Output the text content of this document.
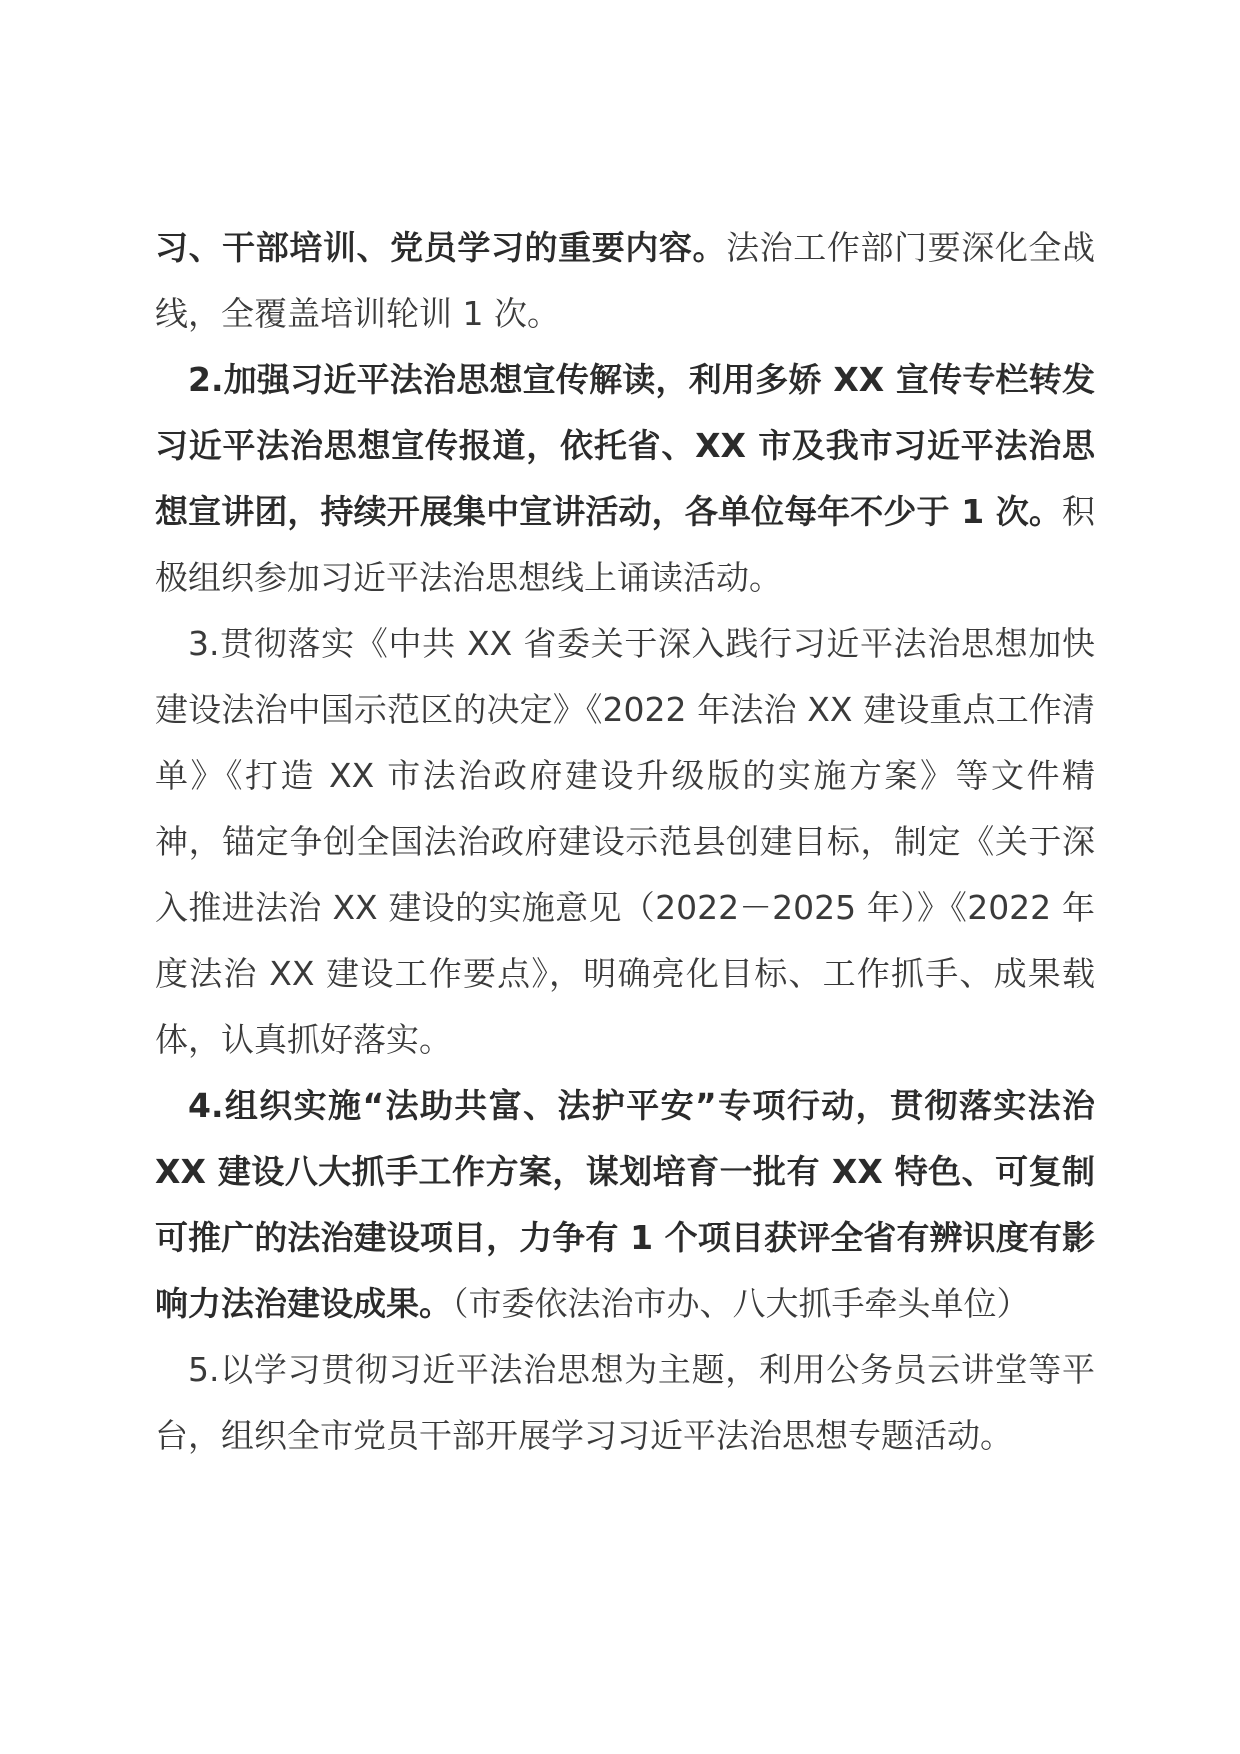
习、干部培训、党员学习的重要内容。法治工作部门要深化全战线，全覆盖培训轮训 1 次。

2.加强习近平法治思想宣传解读，利用多娇 XX 宣传专栏转发习近平法治思想宣传报道，依托省、XX 市及我市习近平法治思想宣讲团，持续开展集中宣讲活动，各单位每年不少于 1 次。积极组织参加习近平法治思想线上诵读活动。

3.贯彻落实《中共 XX 省委关于深入践行习近平法治思想加快建设法治中国示范区的决定》《2022 年法治 XX 建设重点工作清单》《打造 XX 市法治政府建设升级版的实施方案》等文件精神，锚定争创全国法治政府建设示范县创建目标，制定《关于深入推进法治 XX 建设的实施意见（2022－2025 年）》《2022 年度法治 XX 建设工作要点》，明确亮化目标、工作抓手、成果载体，认真抓好落实。

4.组织实施“法助共富、法护平安”专项行动，贯彻落实法治 XX 建设八大抓手工作方案，谋划培育一批有 XX 特色、可复制可推广的法治建设项目，力争有 1 个项目获评全省有辨识度有影响力法治建设成果。（市委依法治市办、八大抓手牵头单位）

5.以学习贯彻习近平法治思想为主题，利用公务员云讲堂等平台，组织全市党员干部开展学习习近平法治思想专题活动。
